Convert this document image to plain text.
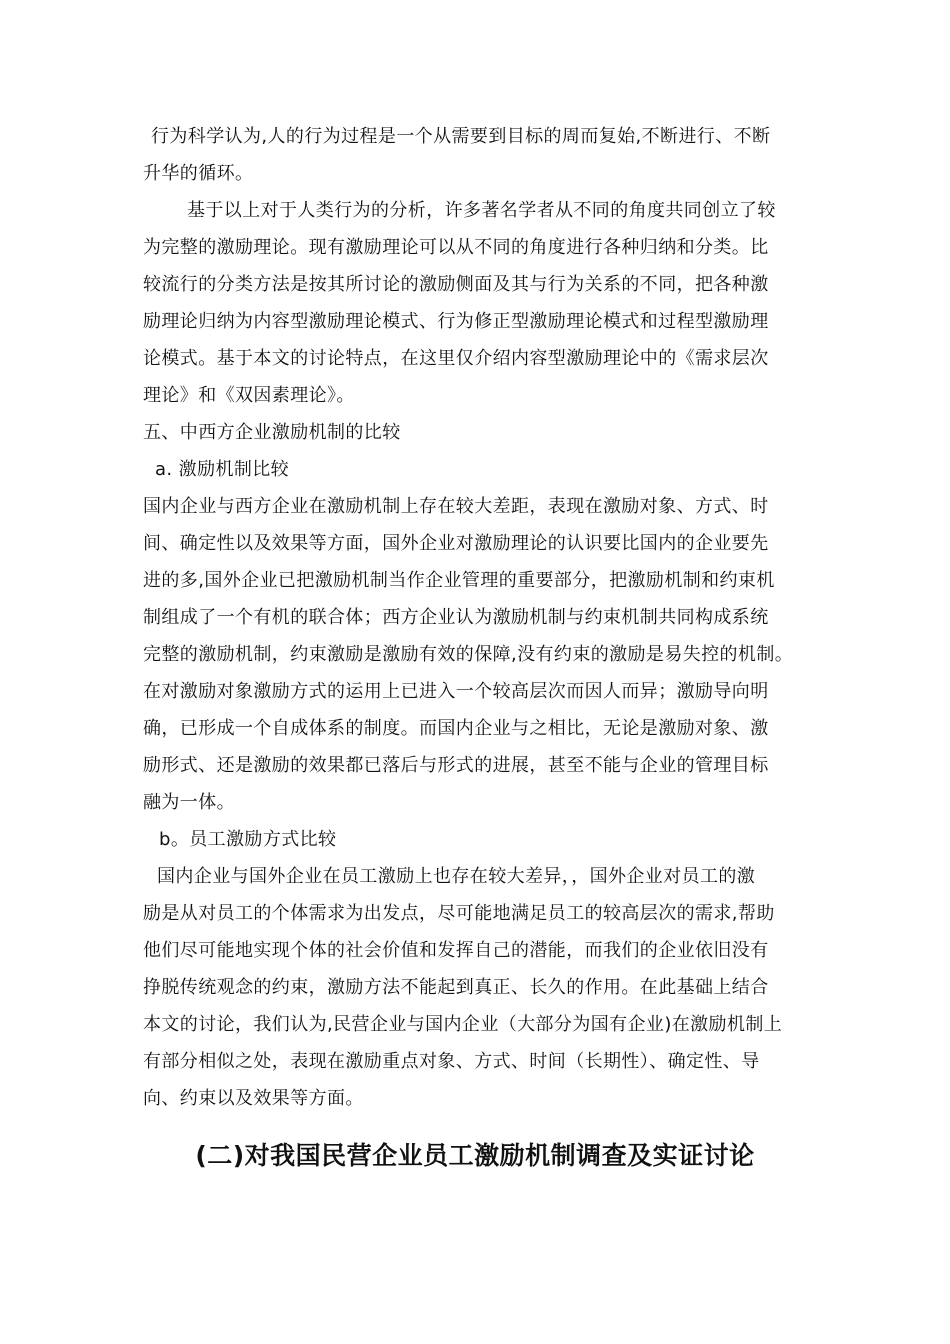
行为科学认为,人的行为过程是一个从需要到目标的周而复始,不断进行、不断
升华的循环。
基于以上对于人类行为的分析，许多著名学者从不同的角度共同创立了较
为完整的激励理论。现有激励理论可以从不同的角度进行各种归纳和分类。比
较流行的分类方法是按其所讨论的激励侧面及其与行为关系的不同，把各种激
励理论归纳为内容型激励理论模式、行为修正型激励理论模式和过程型激励理
论模式。基于本文的讨论特点，在这里仅介绍内容型激励理论中的《需求层次
理论》和《双因素理论》。
五、中西方企业激励机制的比较
a. 激励机制比较
国内企业与西方企业在激励机制上存在较大差距，表现在激励对象、方式、时
间、确定性以及效果等方面，国外企业对激励理论的认识要比国内的企业要先
进的多,国外企业已把激励机制当作企业管理的重要部分，把激励机制和约束机
制组成了一个有机的联合体；西方企业认为激励机制与约束机制共同构成系统
完整的激励机制，约束激励是激励有效的保障,没有约束的激励是易失控的机制。
在对激励对象激励方式的运用上已进入一个较高层次而因人而异；激励导向明
确，已形成一个自成体系的制度。而国内企业与之相比，无论是激励对象、激
励形式、还是激励的效果都已落后与形式的进展，甚至不能与企业的管理目标
融为一体。
b。员工激励方式比较
国内企业与国外企业在员工激励上也存在较大差异，，国外企业对员工的激
励是从对员工的个体需求为出发点，尽可能地满足员工的较高层次的需求,帮助
他们尽可能地实现个体的社会价值和发挥自己的潜能，而我们的企业依旧没有
挣脱传统观念的约束，激励方法不能起到真正、长久的作用。在此基础上结合
本文的讨论，我们认为,民营企业与国内企业（大部分为国有企业)在激励机制上
有部分相似之处，表现在激励重点对象、方式、时间（长期性）、确定性、导
向、约束以及效果等方面。
(二)对我国民营企业员工激励机制调查及实证讨论
